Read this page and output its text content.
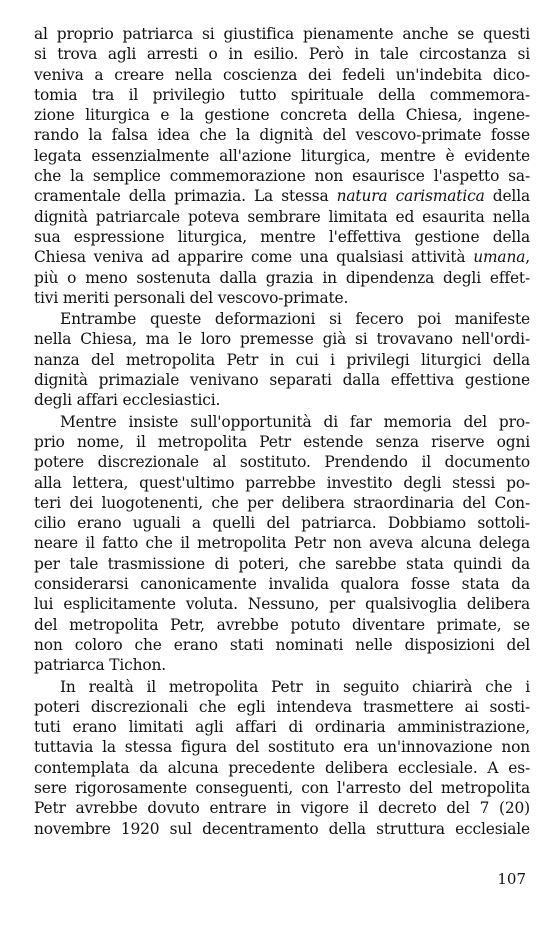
al proprio patriarca si giustifica pienamente anche se questi
si trova agli arresti o in esilio. Però in tale circostanza si
veniva a creare nella coscienza dei fedeli un'indebita dico-
tomia tra il privilegio tutto spirituale della commemora-
zione liturgica e la gestione concreta della Chiesa, ingene-
rando la falsa idea che la dignità del vescovo-primate fosse
legata essenzialmente all'azione liturgica, mentre è evidente
che la semplice commemorazione non esaurisce l'aspetto sa-
cramentale della primazia. La stessa natura carismatica della
dignità patriarcale poteva sembrare limitata ed esaurita nella
sua espressione liturgica, mentre l'effettiva gestione della
Chiesa veniva ad apparire come una qualsiasi attività umana,
più o meno sostenuta dalla grazia in dipendenza degli effet-
tivi meriti personali del vescovo-primate.
Entrambe queste deformazioni si fecero poi manifeste
nella Chiesa, ma le loro premesse già si trovavano nell'ordi-
nanza del metropolita Petr in cui i privilegi liturgici della
dignità primaziale venivano separati dalla effettiva gestione
degli affari ecclesiastici.
Mentre insiste sull'opportunità di far memoria del pro-
prio nome, il metropolita Petr estende senza riserve ogni
potere discrezionale al sostituto. Prendendo il documento
alla lettera, quest'ultimo parrebbe investito degli stessi po-
teri dei luogotenenti, che per delibera straordinaria del Con-
cilio erano uguali a quelli del patriarca. Dobbiamo sottoli-
neare il fatto che il metropolita Petr non aveva alcuna delega
per tale trasmissione di poteri, che sarebbe stata quindi da
considerarsi canonicamente invalida qualora fosse stata da
lui esplicitamente voluta. Nessuno, per qualsivoglia delibera
del metropolita Petr, avrebbe potuto diventare primate, se
non coloro che erano stati nominati nelle disposizioni del
patriarca Tichon.
In realtà il metropolita Petr in seguito chiarirà che i
poteri discrezionali che egli intendeva trasmettere ai sosti-
tuti erano limitati agli affari di ordinaria amministrazione,
tuttavia la stessa figura del sostituto era un'innovazione non
contemplata da alcuna precedente delibera ecclesiale. A es-
sere rigorosamente conseguenti, con l'arresto del metropolita
Petr avrebbe dovuto entrare in vigore il decreto del 7 (20)
novembre 1920 sul decentramento della struttura ecclesiale
107
